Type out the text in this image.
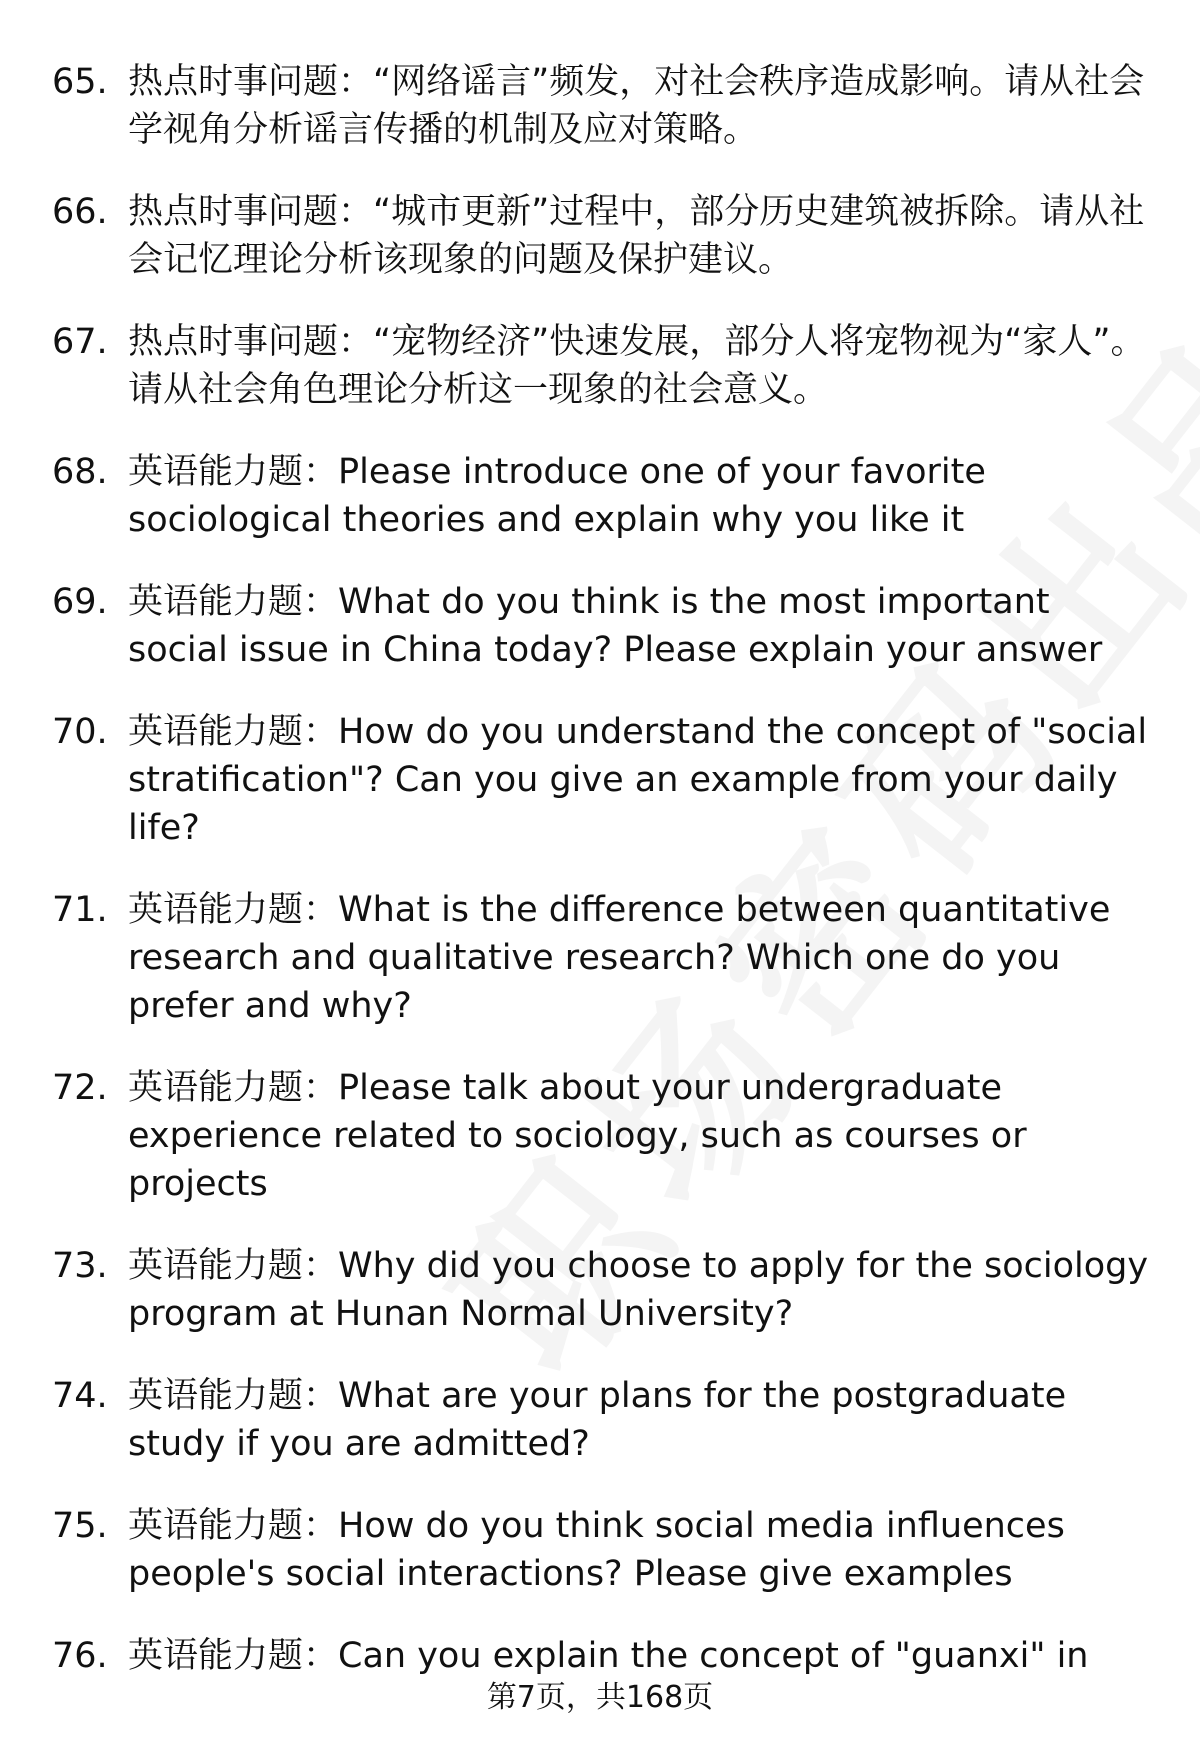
65. 热点时事问题：“网络谣言”频发，对社会秩序造成影响。请从社会学视角分析谣言传播的机制及应对策略。
66. 热点时事问题：“城市更新”过程中，部分历史建筑被拆除。请从社会记忆理论分析该现象的问题及保护建议。
67. 热点时事问题：“宠物经济”快速发展，部分人将宠物视为“家人”。请从社会角色理论分析这一现象的社会意义。
68. 英语能力题：Please introduce one of your favorite sociological theories and explain why you like it
69. 英语能力题：What do you think is the most important social issue in China today? Please explain your answer
70. 英语能力题：How do you understand the concept of "social stratification"? Can you give an example from your daily life?
71. 英语能力题：What is the difference between quantitative research and qualitative research? Which one do you prefer and why?
72. 英语能力题：Please talk about your undergraduate experience related to sociology, such as courses or projects
73. 英语能力题：Why did you choose to apply for the sociology program at Hunan Normal University?
74. 英语能力题：What are your plans for the postgraduate study if you are admitted?
75. 英语能力题：How do you think social media influences people's social interactions? Please give examples
76. 英语能力题：Can you explain the concept of "guanxi" in
第7页，共168页
